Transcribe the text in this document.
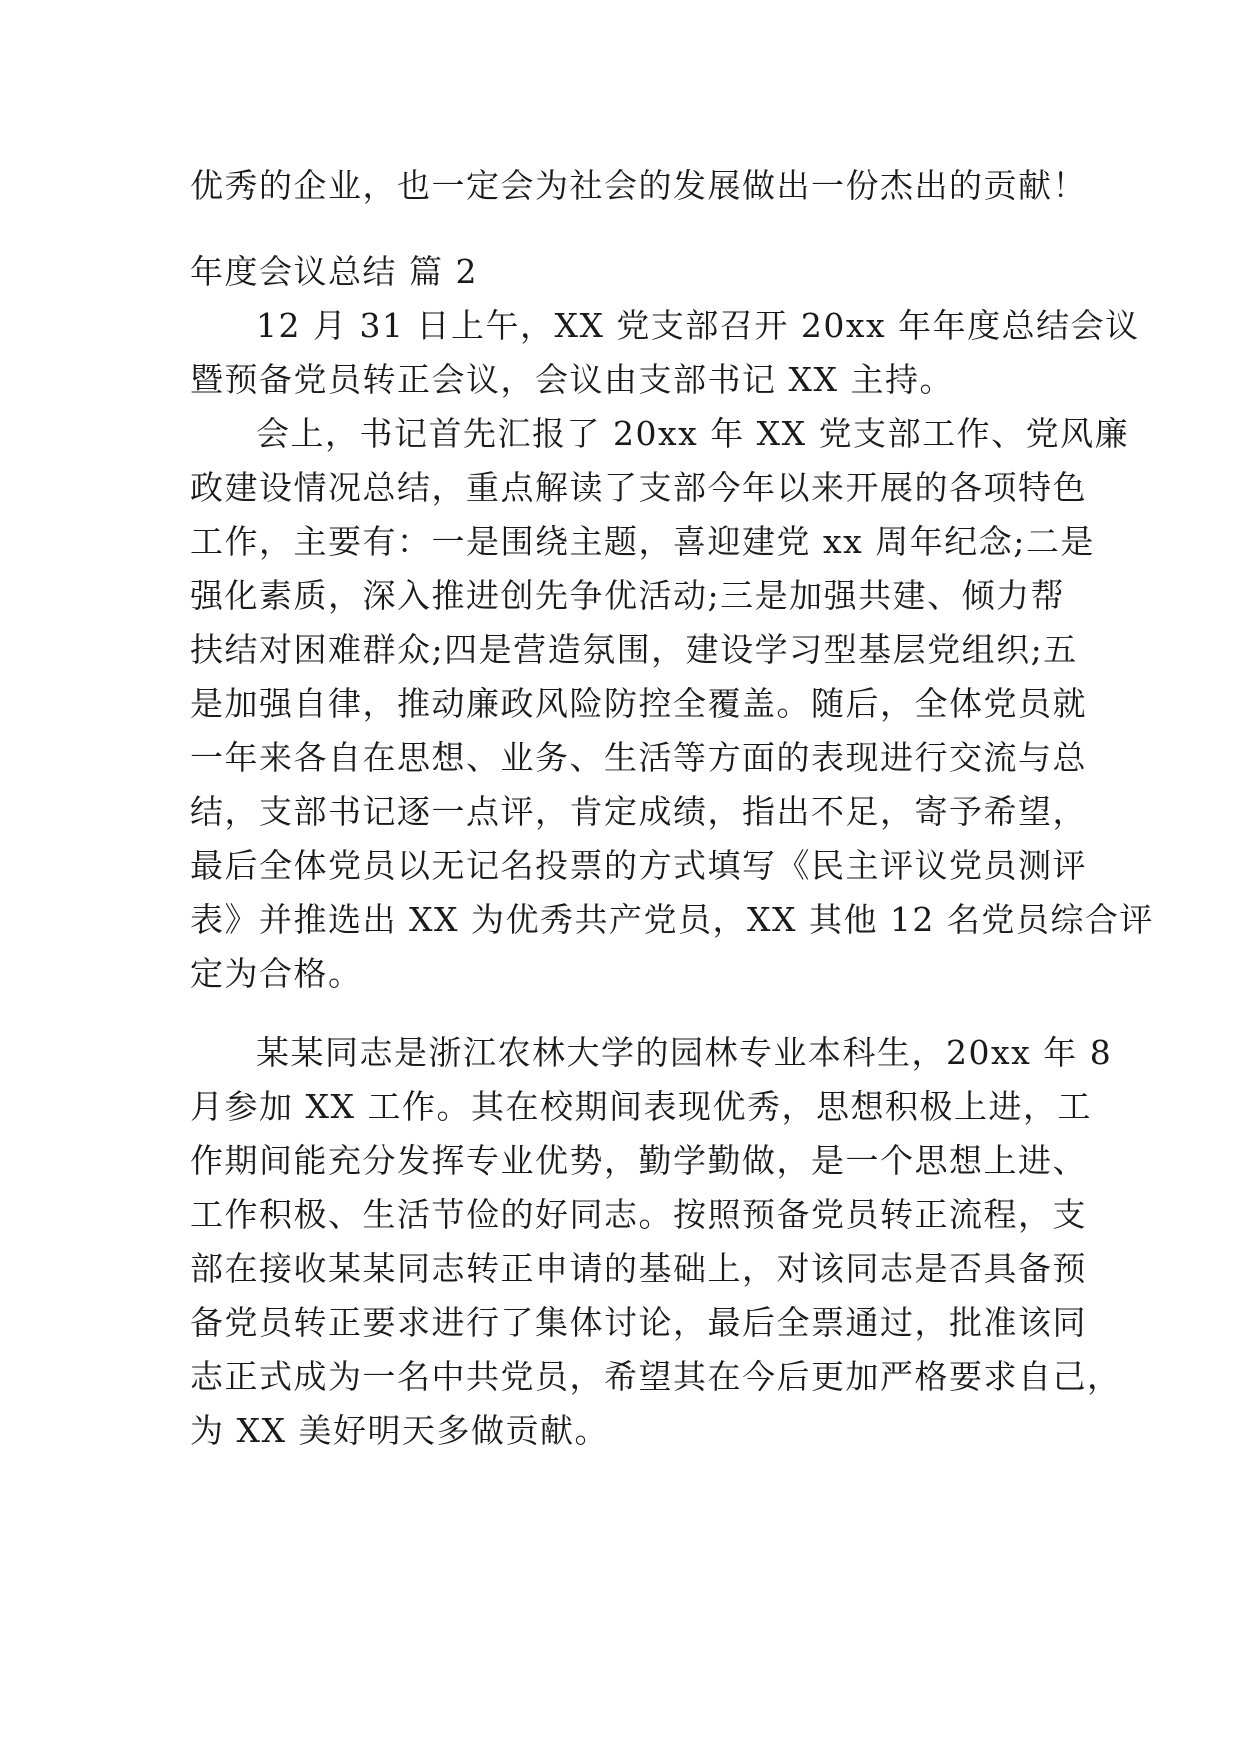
优秀的企业，也一定会为社会的发展做出一份杰出的贡献！
年度会议总结 篇 2
12 月 31 日上午，XX 党支部召开 20xx 年年度总结会议
暨预备党员转正会议，会议由支部书记 XX 主持。
会上，书记首先汇报了 20xx 年 XX 党支部工作、党风廉
政建设情况总结，重点解读了支部今年以来开展的各项特色
工作，主要有：一是围绕主题，喜迎建党 xx 周年纪念;二是
强化素质，深入推进创先争优活动;三是加强共建、倾力帮
扶结对困难群众;四是营造氛围，建设学习型基层党组织;五
是加强自律，推动廉政风险防控全覆盖。随后，全体党员就
一年来各自在思想、业务、生活等方面的表现进行交流与总
结，支部书记逐一点评，肯定成绩，指出不足，寄予希望，
最后全体党员以无记名投票的方式填写《民主评议党员测评
表》并推选出 XX 为优秀共产党员，XX 其他 12 名党员综合评
定为合格。
某某同志是浙江农林大学的园林专业本科生，20xx 年 8
月参加 XX 工作。其在校期间表现优秀，思想积极上进，工
作期间能充分发挥专业优势，勤学勤做，是一个思想上进、
工作积极、生活节俭的好同志。按照预备党员转正流程，支
部在接收某某同志转正申请的基础上，对该同志是否具备预
备党员转正要求进行了集体讨论，最后全票通过，批准该同
志正式成为一名中共党员，希望其在今后更加严格要求自己，
为 XX 美好明天多做贡献。
